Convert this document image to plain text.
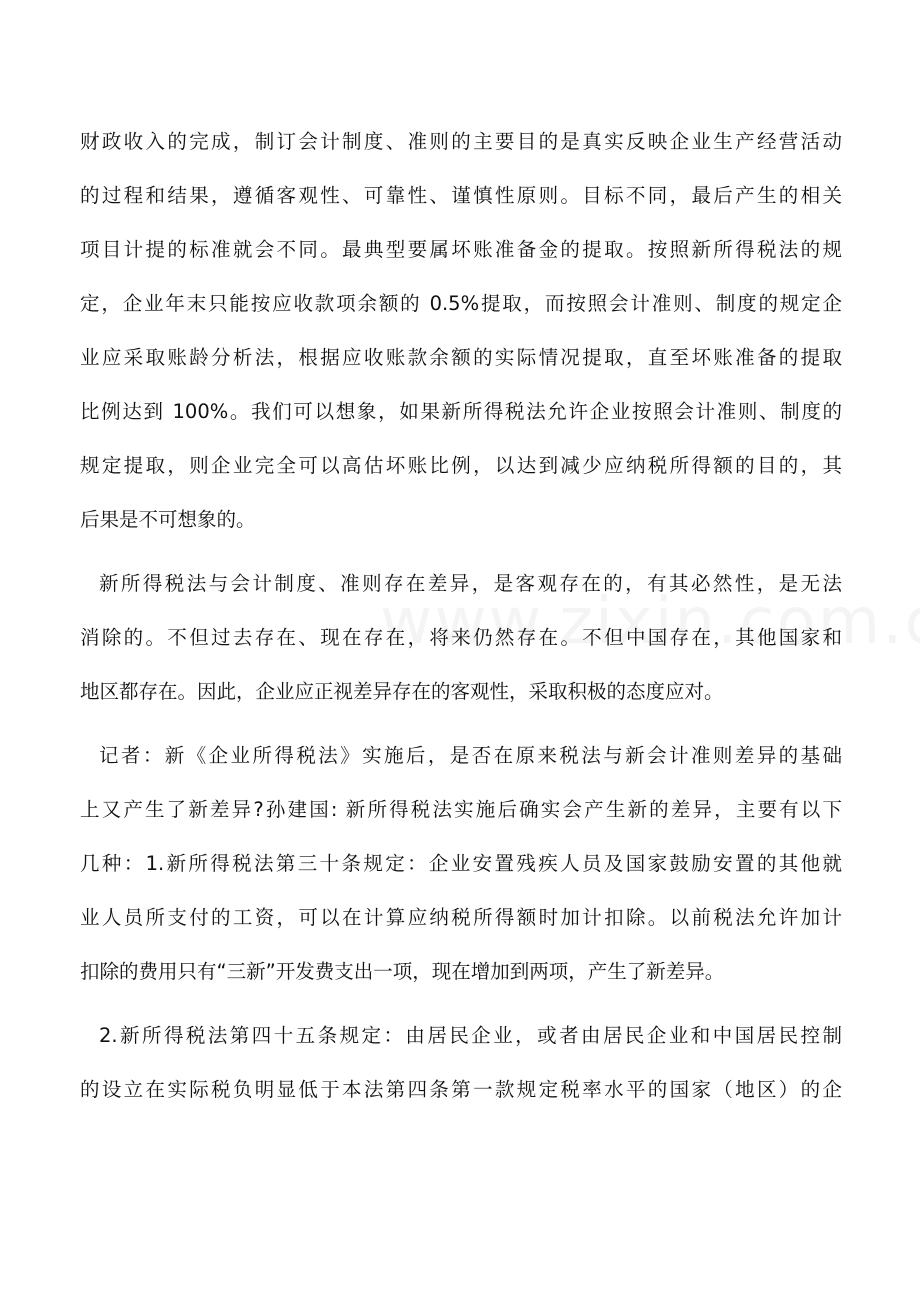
财政收入的完成，制订会计制度、准则的主要目的是真实反映企业生产经营活动
的过程和结果，遵循客观性、可靠性、谨慎性原则。目标不同，最后产生的相关
项目计提的标准就会不同。最典型要属坏账准备金的提取。按照新所得税法的规
定，企业年末只能按应收款项余额的 0.5%提取，而按照会计准则、制度的规定企
业应采取账龄分析法，根据应收账款余额的实际情况提取，直至坏账准备的提取
比例达到 100%。我们可以想象，如果新所得税法允许企业按照会计准则、制度的
规定提取，则企业完全可以高估坏账比例，以达到减少应纳税所得额的目的，其
后果是不可想象的。
新所得税法与会计制度、准则存在差异，是客观存在的，有其必然性，是无法
消除的。不但过去存在、现在存在，将来仍然存在。不但中国存在，其他国家和
地区都存在。因此，企业应正视差异存在的客观性，采取积极的态度应对。
记者：新《企业所得税法》实施后，是否在原来税法与新会计准则差异的基础
上又产生了新差异?孙建国: 新所得税法实施后确实会产生新的差异，主要有以下
几种：1.新所得税法第三十条规定：企业安置残疾人员及国家鼓励安置的其他就
业人员所支付的工资，可以在计算应纳税所得额时加计扣除。以前税法允许加计
扣除的费用只有“三新”开发费支出一项，现在增加到两项，产生了新差异。
2.新所得税法第四十五条规定：由居民企业，或者由居民企业和中国居民控制
的设立在实际税负明显低于本法第四条第一款规定税率水平的国家（地区）的企
